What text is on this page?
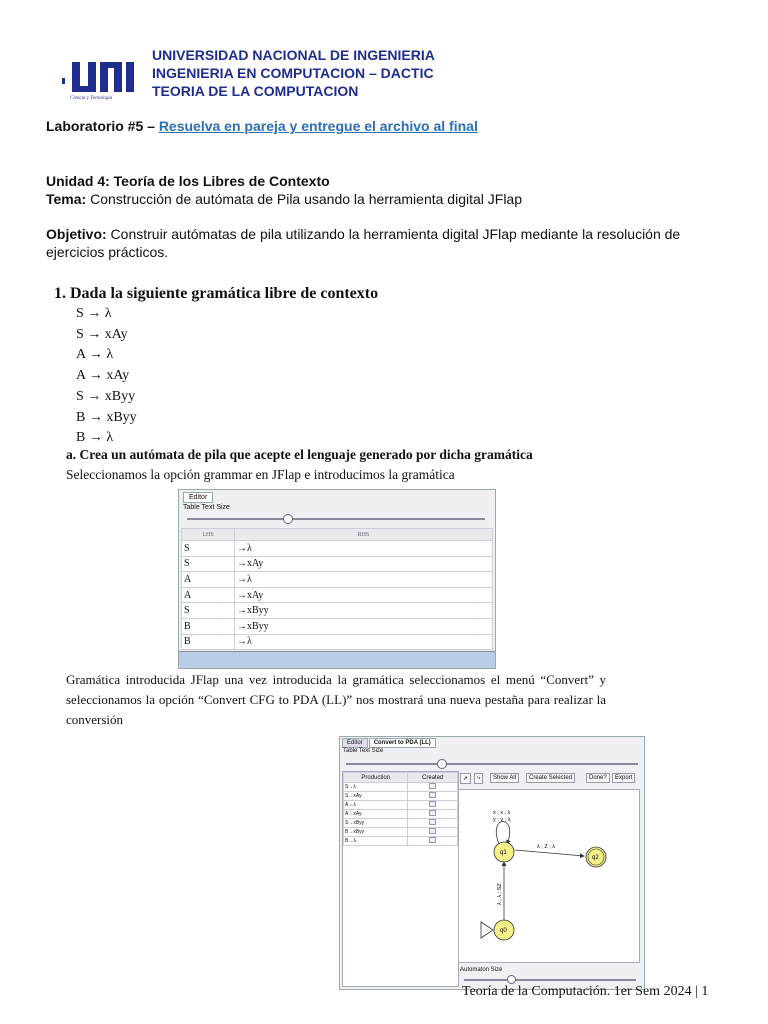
Ciencia y Tecnología
UNIVERSIDAD NACIONAL DE INGENIERIA
INGENIERIA EN COMPUTACION – DACTIC
TEORIA DE LA COMPUTACION
Laboratorio #5 – Resuelva en pareja y entregue el archivo al final
Unidad 4: Teoría de los Libres de Contexto
Tema: Construcción de autómata de Pila usando la herramienta digital JFlap
Objetivo: Construir autómatas de pila utilizando la herramienta digital JFlap mediante la resolución de ejercicios prácticos.
1. Dada la siguiente gramática libre de contexto
S → λ
S → xAy
A → λ
A → xAy
S → xByy
B → xByy
B → λ
a. Crea un autómata de pila que acepte el lenguaje generado por dicha gramática
Seleccionamos la opción grammar en JFlap e introducimos la gramática
Editor
Table Text Size
LHS	RHS
S	→λ
S	→xAy
A	→λ
A	→xAy
S	→xByy
B	→xByy
B	→λ
Gramática introducida JFlap una vez introducida la gramática seleccionamos el menú “Convert” y seleccionamos la opción “Convert CFG to PDA (LL)” nos mostrará una nueva pestaña para realizar la conversión
Editor Convert to PDA (LL)
Table Text Size
Production	Created
S→λ	
S→xAy	
A→λ	
A→xAy	
S→xByy	
B→xByy	
B→λ	
➚	⤷	Show All	Create Selected	Done?	Export
q1
q2
q0
x ; x ; λ
y ; y ; λ
λ ; Z ; λ
λ ; λ ; SZ
Automaton Size
Teoría de la Computación. 1er Sem 2024 | 1
